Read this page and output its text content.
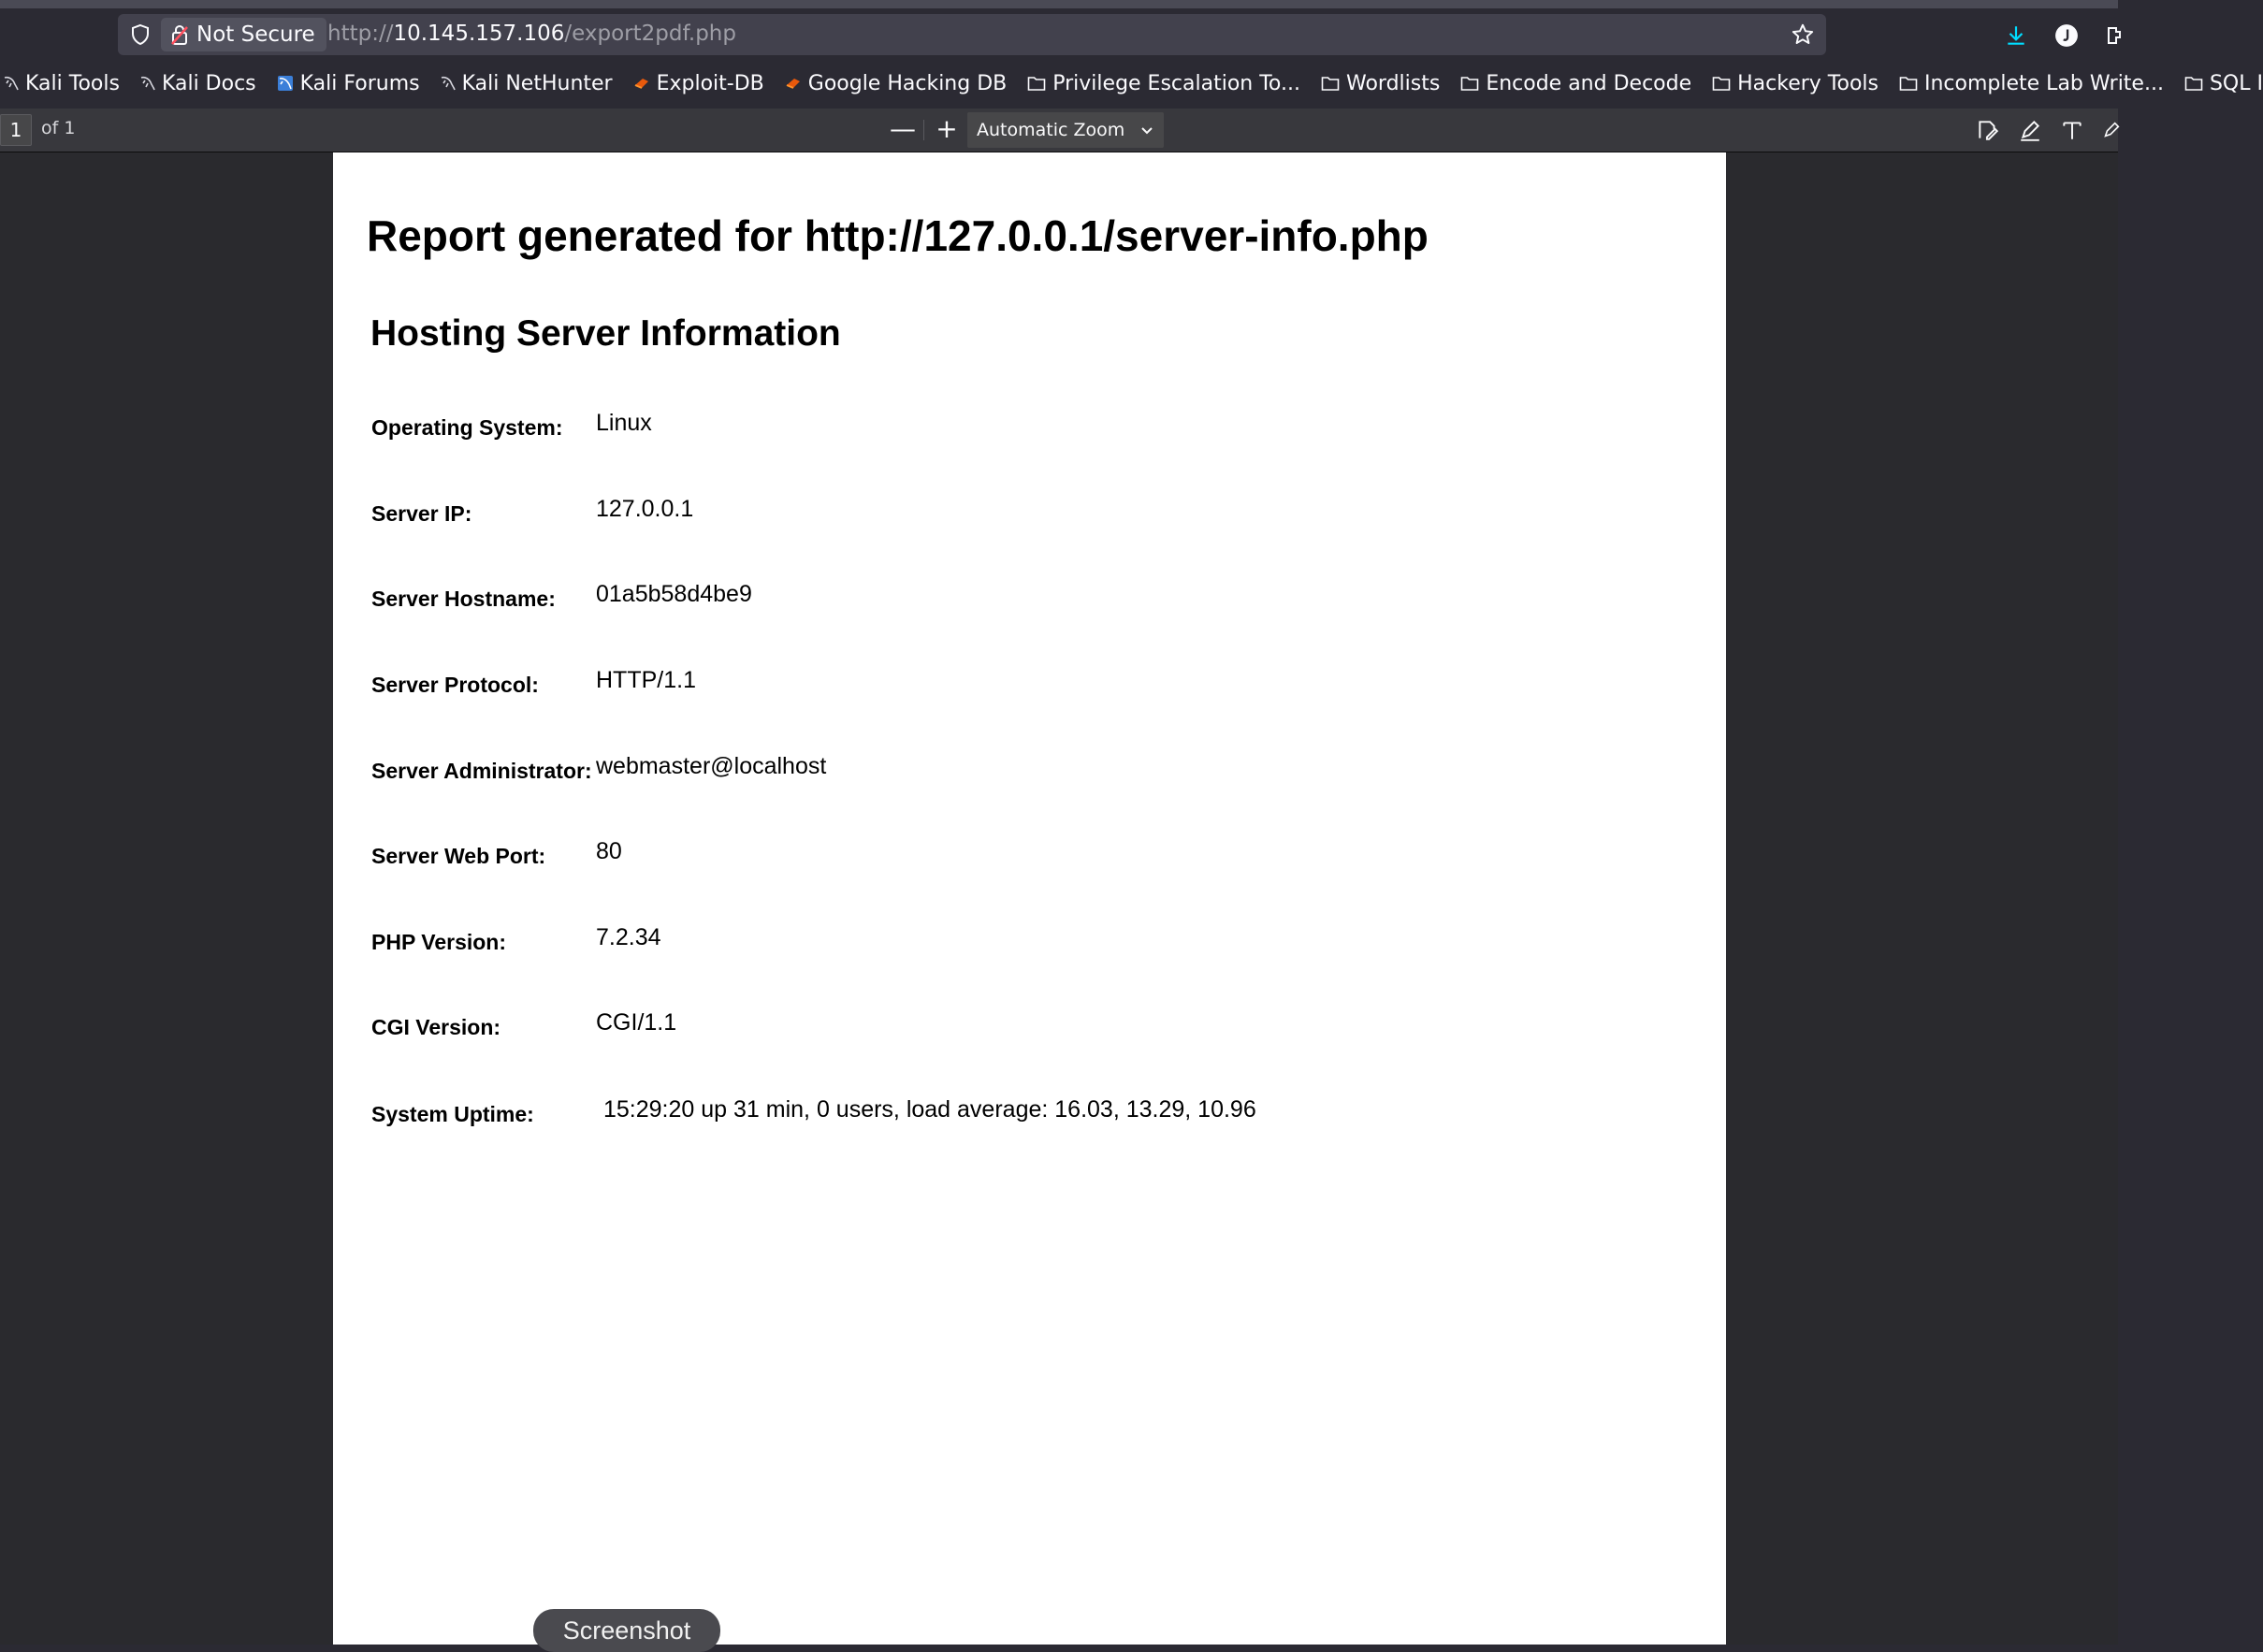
Not Secure http://10.145.157.106/export2pdf.php
Kali Tools Kali Docs Kali Forums Kali NetHunter Exploit-DB Google Hacking DB Privilege Escalation To... Wordlists Encode and Decode Hackery Tools Incomplete Lab Write... SQL I
1	of 1	— +	Automatic Zoom
Report generated for http://127.0.0.1/server-info.php
Hosting Server Information
Operating System: Linux
Server IP:	127.0.0.1
Server Hostname: 01a5b58d4be9
Server Protocol: HTTP/1.1
Server Administrator: webmaster@localhost
Server Web Port: 80
PHP Version:	7.2.34
CGI Version:	CGI/1.1
System Uptime:	15:29:20 up 31 min, 0 users, load average: 16.03, 13.29, 10.96
Screenshot
